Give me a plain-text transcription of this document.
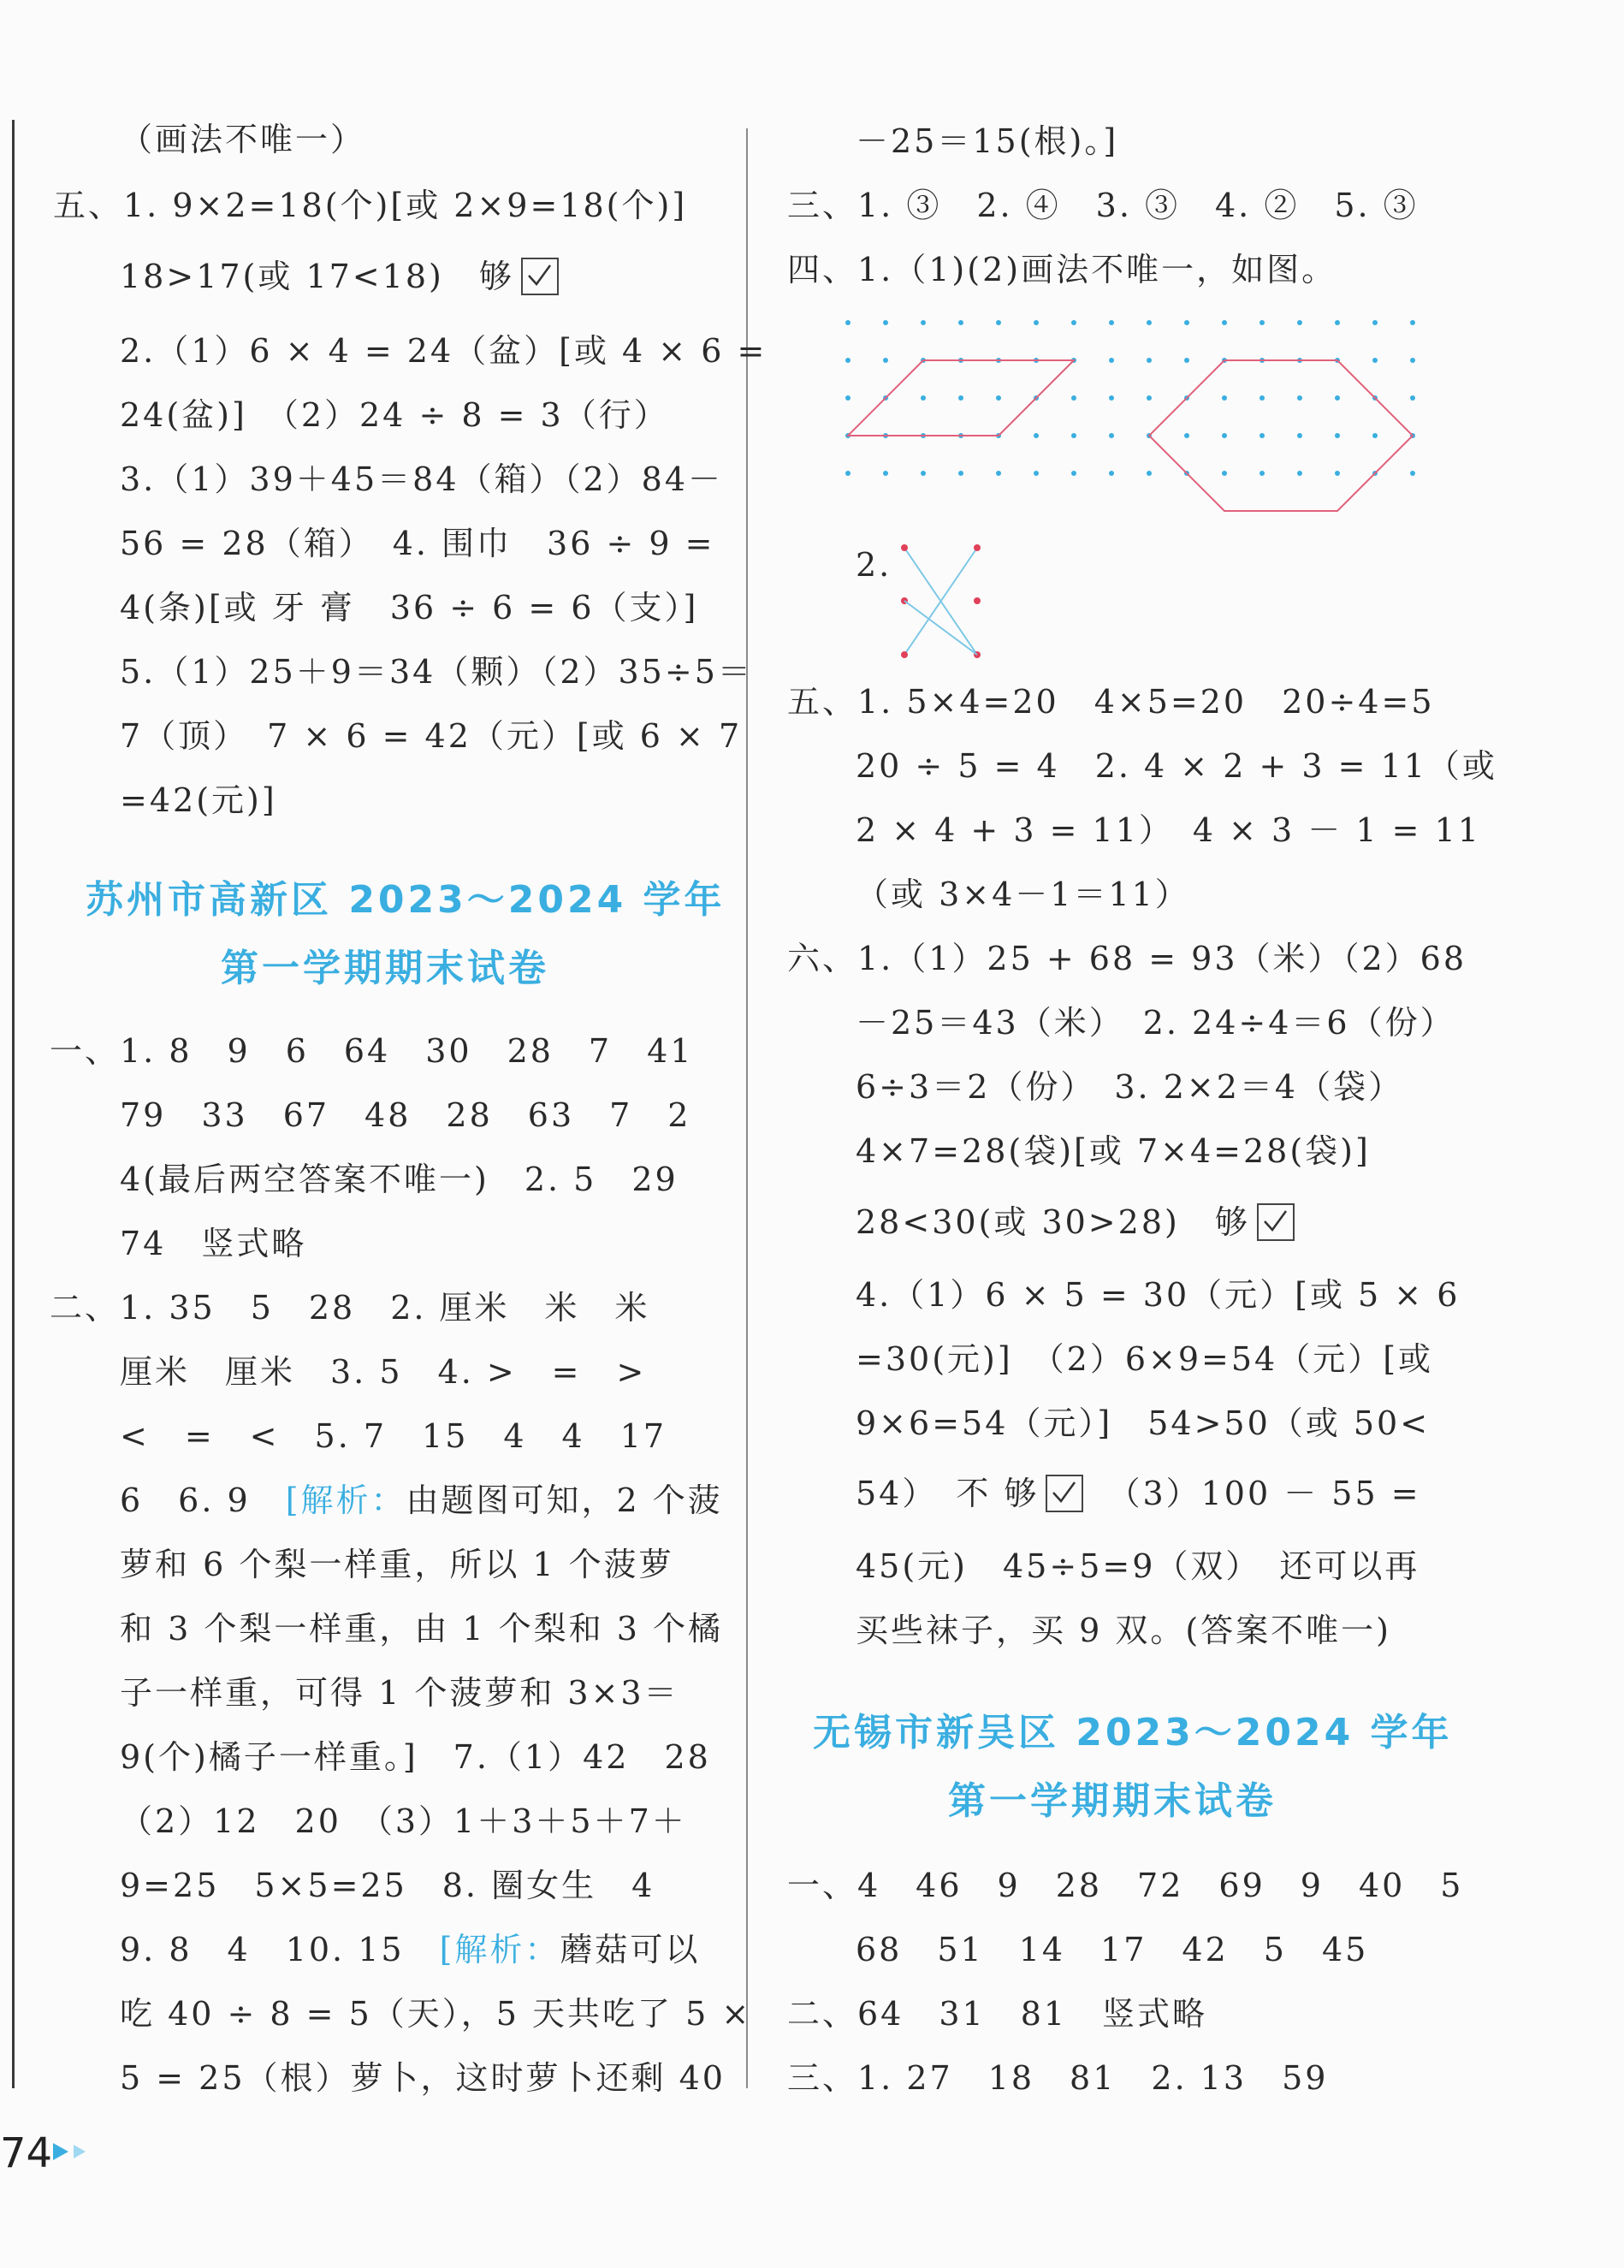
（画法不唯一）
五、1. 9×2=18(个)[或 2×9=18(个)]
18>17(或 17<18)　够
2.（1）6 × 4 = 24（盆）[或 4 × 6 =
24(盆)]　（2）24 ÷ 8 = 3（行）
3.（1）39＋45＝84（箱）（2）84－
56 = 28（箱）　4. 围巾　36 ÷ 9 =
4(条)[或 牙 膏　36 ÷ 6 = 6（支）]
5.（1）25＋9＝34（颗）（2）35÷5＝
7（顶）　7 × 6 = 42（元）[或 6 × 7
=42(元)]
苏州市高新区 2023～2024 学年
第一学期期末试卷
一、1. 8　9　6　64　30　28　7　41
79　33　67　48　28　63　7　2
4(最后两空答案不唯一)　2. 5　29
74　竖式略
二、1. 35　5　28　2. 厘米　米　米
厘米　厘米　3. 5　4. >　=　>
<　=　<　5. 7　15　4　4　17
6　6. 9　[解析：由题图可知，2 个菠
萝和 6 个梨一样重，所以 1 个菠萝
和 3 个梨一样重，由 1 个梨和 3 个橘
子一样重，可得 1 个菠萝和 3×3＝
9(个)橘子一样重。]　7.（1）42　28
（2）12　20　（3）1＋3＋5＋7＋
9=25　5×5=25　8. 圈女生　4
9. 8　4　10. 15　[解析：蘑菇可以
吃 40 ÷ 8 = 5（天），5 天共吃了 5 ×
5 = 25（根）萝卜，这时萝卜还剩 40
－25＝15(根)。]
三、1. ③　2. ④　3. ③　4. ②　5. ③
四、1.（1)(2)画法不唯一，如图。
2.
五、1. 5×4=20　4×5=20　20÷4=5
20 ÷ 5 = 4　2. 4 × 2 + 3 = 11（或
2 × 4 + 3 = 11）　4 × 3 － 1 = 11
（或 3×4－1＝11）
六、1.（1）25 + 68 = 93（米）（2）68
－25＝43（米）　2. 24÷4＝6（份）
6÷3＝2（份）　3. 2×2＝4（袋）
4×7=28(袋)[或 7×4=28(袋)]
28<30(或 30>28)　够
4.（1）6 × 5 = 30（元）[或 5 × 6
=30(元)]　（2）6×9=54（元）[或
9×6=54（元）]　54>50（或 50<
54）　不 够 （3）100 － 55 =
45(元)　45÷5=9（双）　还可以再
买些袜子，买 9 双。(答案不唯一)
无锡市新吴区 2023～2024 学年
第一学期期末试卷
一、4　46　9　28　72　69　9　40　5
68　51　14　17　42　5　45
二、64　31　81　竖式略
三、1. 27　18　81　2. 13　59
74
